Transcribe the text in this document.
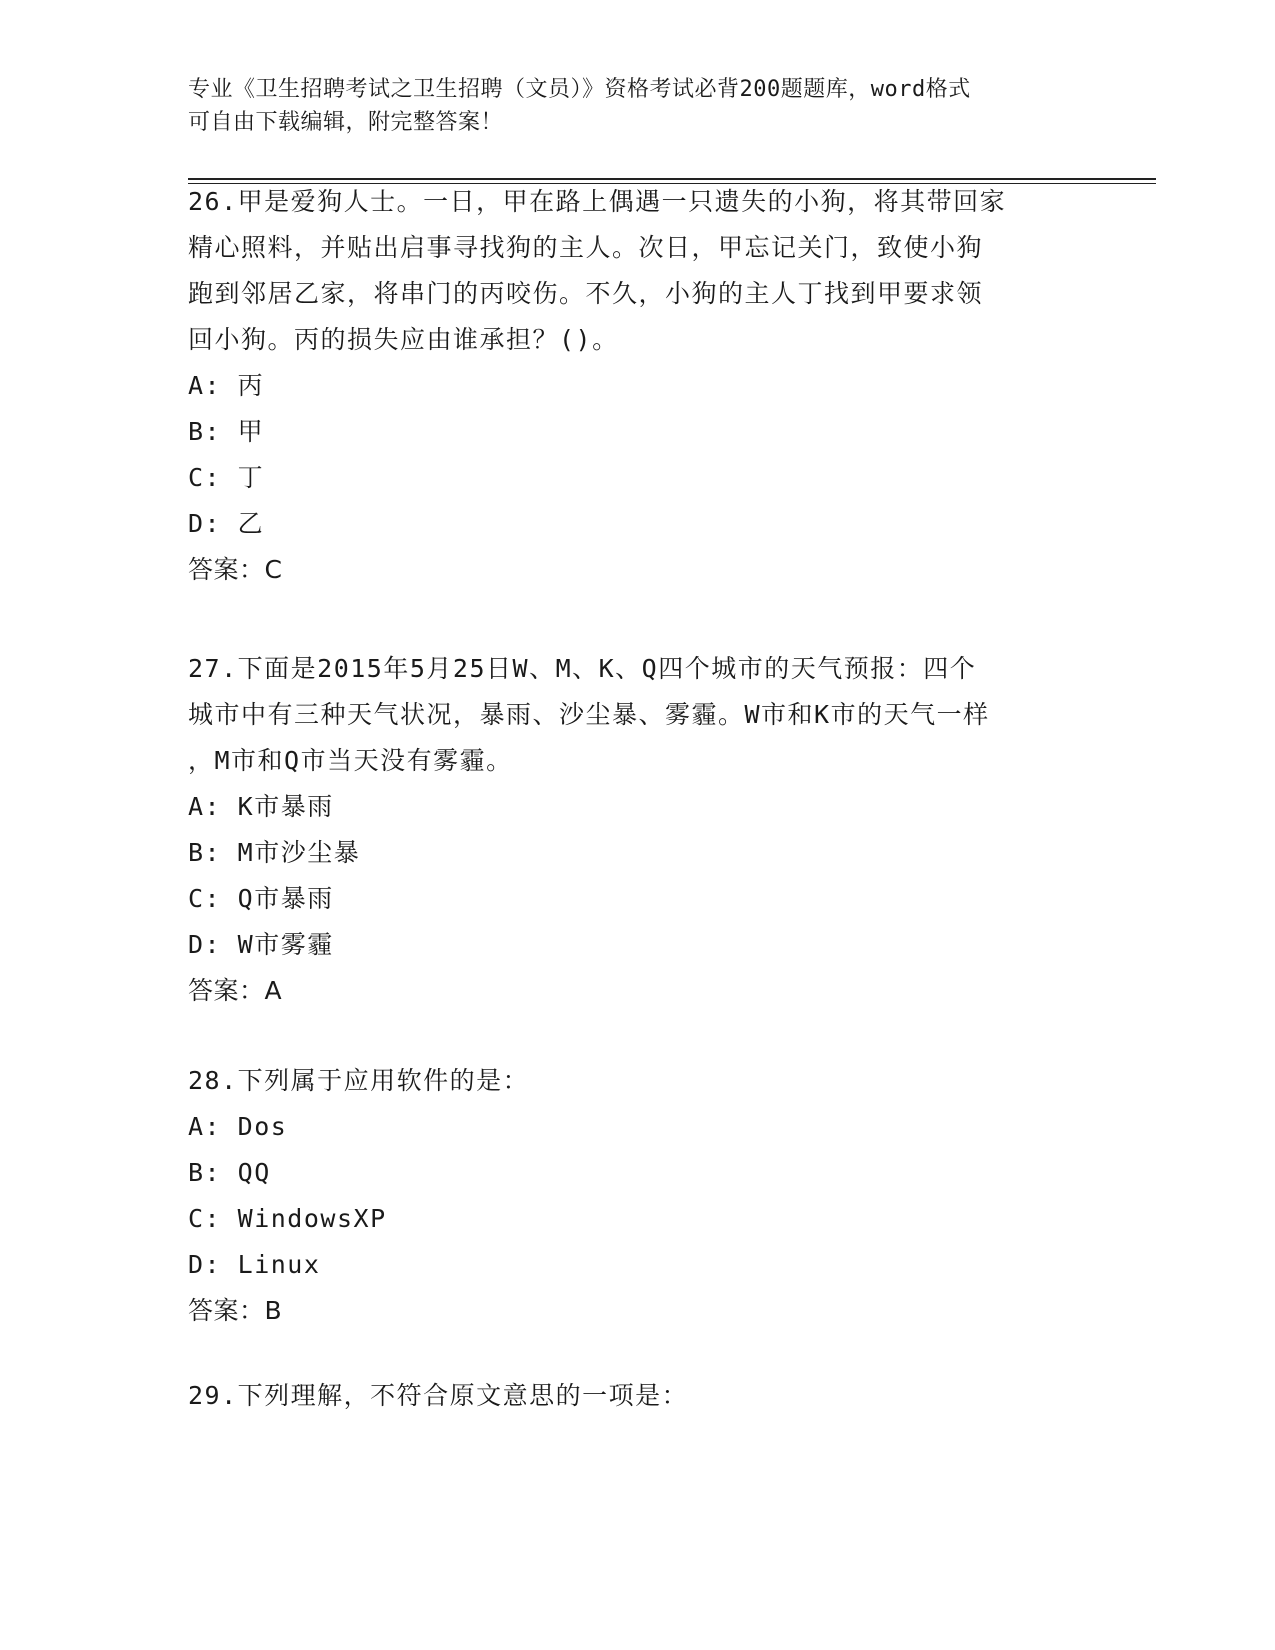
专业《卫生招聘考试之卫生招聘（文员）》资格考试必背200题题库，word格式
可自由下载编辑，附完整答案！
26.甲是爱狗人士。一日，甲在路上偶遇一只遗失的小狗，将其带回家
精心照料，并贴出启事寻找狗的主人。次日，甲忘记关门，致使小狗
跑到邻居乙家，将串门的丙咬伤。不久，小狗的主人丁找到甲要求领
回小狗。丙的损失应由谁承担？()。
A: 丙
B: 甲
C: 丁
D: 乙
答案：C
27.下面是2015年5月25日W、M、K、Q四个城市的天气预报：四个
城市中有三种天气状况，暴雨、沙尘暴、雾霾。W市和K市的天气一样
，M市和Q市当天没有雾霾。
A: K市暴雨
B: M市沙尘暴
C: Q市暴雨
D: W市雾霾
答案：A
28.下列属于应用软件的是：
A: Dos
B: QQ
C: WindowsXP
D: Linux
答案：B
29.下列理解，不符合原文意思的一项是：
